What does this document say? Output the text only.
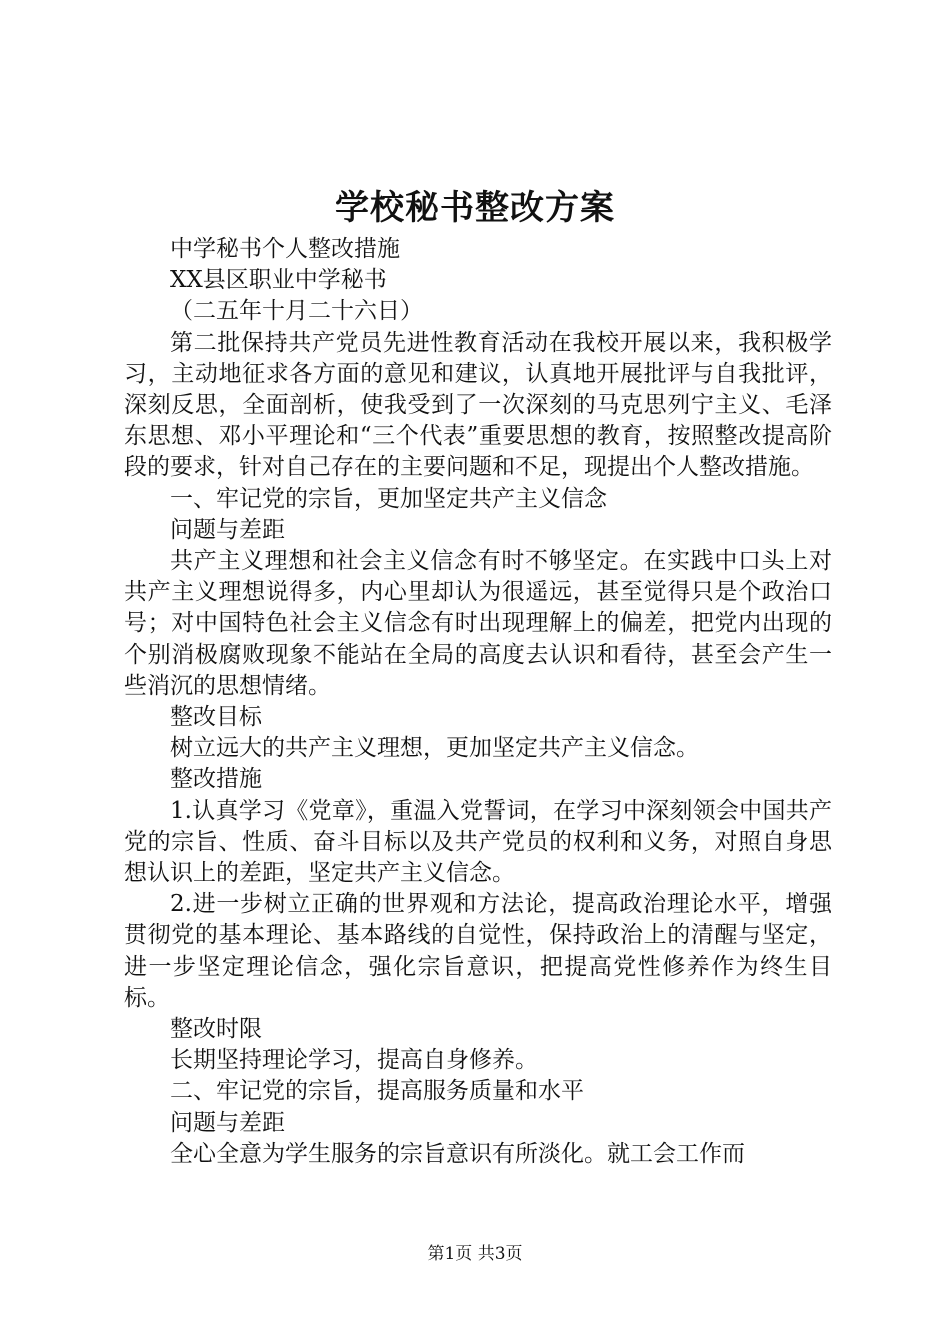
学校秘书整改方案

中学秘书个人整改措施

XX县区职业中学秘书

（二五年十月二十六日）

第二批保持共产党员先进性教育活动在我校开展以来，我积极学习，主动地征求各方面的意见和建议，认真地开展批评与自我批评，深刻反思，全面剖析，使我受到了一次深刻的马克思列宁主义、毛泽东思想、邓小平理论和“三个代表”重要思想的教育，按照整改提高阶段的要求，针对自己存在的主要问题和不足，现提出个人整改措施。

一、牢记党的宗旨，更加坚定共产主义信念

问题与差距

共产主义理想和社会主义信念有时不够坚定。在实践中口头上对共产主义理想说得多，内心里却认为很遥远，甚至觉得只是个政治口号；对中国特色社会主义信念有时出现理解上的偏差，把党内出现的个别消极腐败现象不能站在全局的高度去认识和看待，甚至会产生一些消沉的思想情绪。

整改目标

树立远大的共产主义理想，更加坚定共产主义信念。

整改措施

1.认真学习《党章》，重温入党誓词，在学习中深刻领会中国共产党的宗旨、性质、奋斗目标以及共产党员的权利和义务，对照自身思想认识上的差距，坚定共产主义信念。

2.进一步树立正确的世界观和方法论，提高政治理论水平，增强贯彻党的基本理论、基本路线的自觉性，保持政治上的清醒与坚定，进一步坚定理论信念，强化宗旨意识，把提高党性修养作为终生目标。

整改时限

长期坚持理论学习，提高自身修养。

二、牢记党的宗旨，提高服务质量和水平

问题与差距

全心全意为学生服务的宗旨意识有所淡化。就工会工作而

第1页 共3页
